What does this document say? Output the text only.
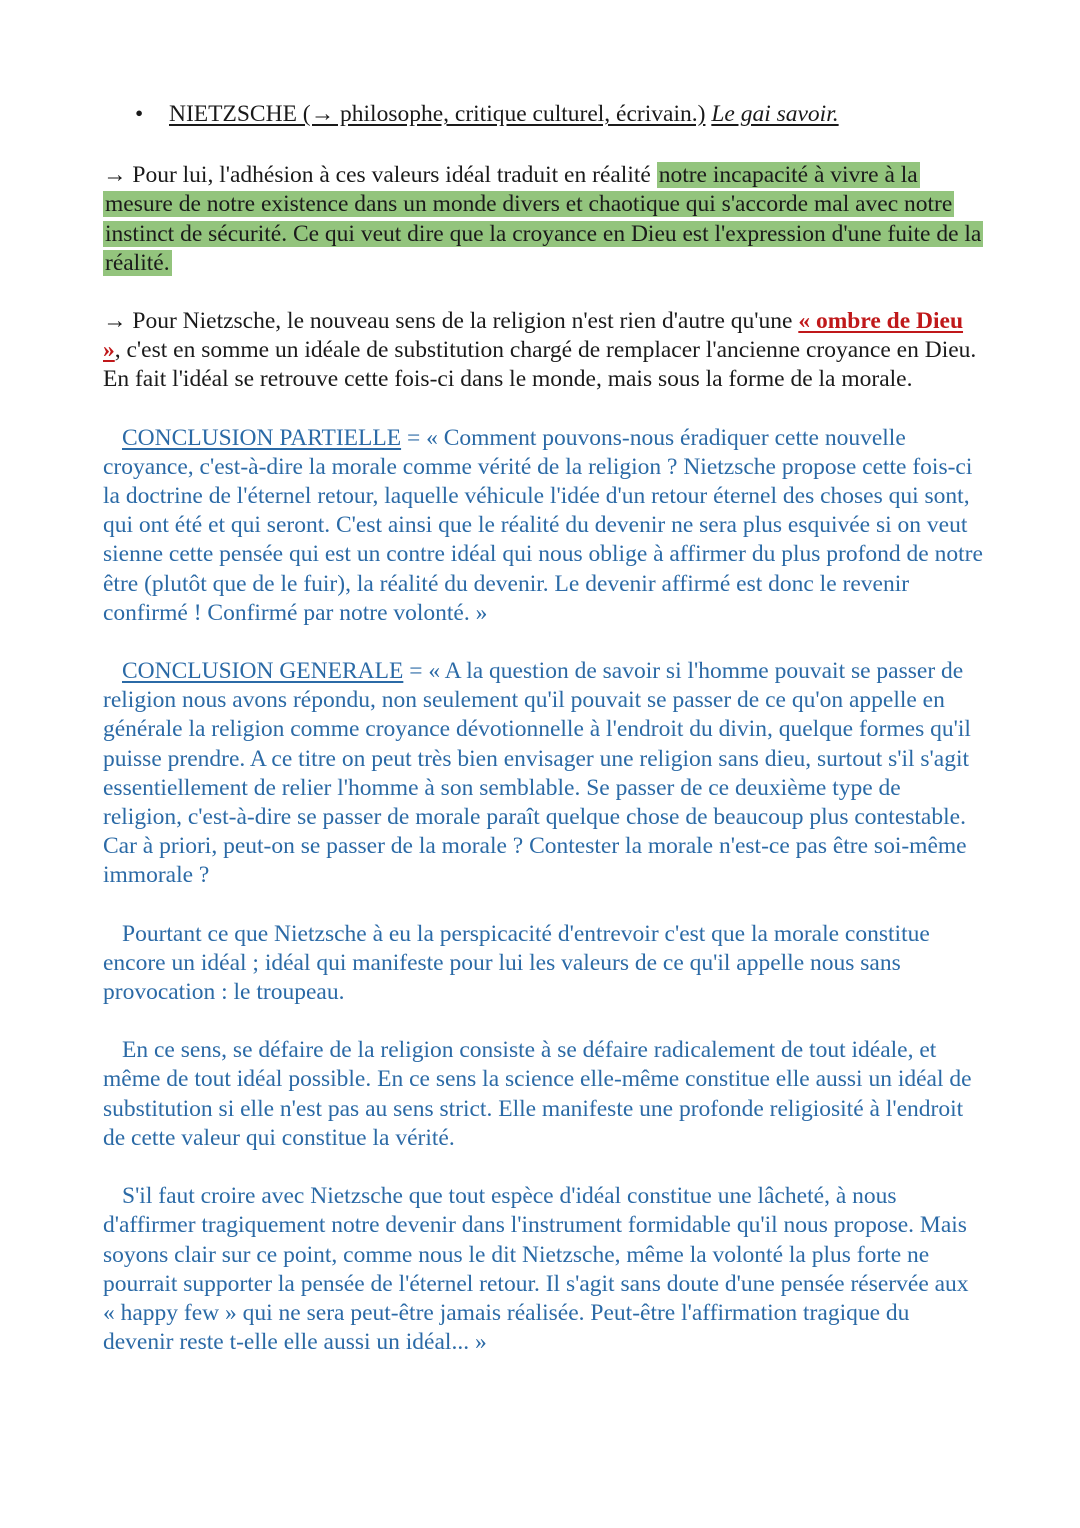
• NIETZSCHE (→ philosophe, critique culturel, écrivain.) Le gai savoir.

→ Pour lui, l'adhésion à ces valeurs idéal traduit en réalité notre incapacité à vivre à la mesure de notre existence dans un monde divers et chaotique qui s'accorde mal avec notre instinct de sécurité. Ce qui veut dire que la croyance en Dieu est l'expression d'une fuite de la réalité.

→ Pour Nietzsche, le nouveau sens de la religion n'est rien d'autre qu'une « ombre de Dieu », c'est en somme un idéale de substitution chargé de remplacer l'ancienne croyance en Dieu. En fait l'idéal se retrouve cette fois-ci dans le monde, mais sous la forme de la morale.

CONCLUSION PARTIELLE = « Comment pouvons-nous éradiquer cette nouvelle croyance, c'est-à-dire la morale comme vérité de la religion ? Nietzsche propose cette fois-ci la doctrine de l'éternel retour, laquelle véhicule l'idée d'un retour éternel des choses qui sont, qui ont été et qui seront. C'est ainsi que le réalité du devenir ne sera plus esquivée si on veut sienne cette pensée qui est un contre idéal qui nous oblige à affirmer du plus profond de notre être (plutôt que de le fuir), la réalité du devenir. Le devenir affirmé est donc le revenir confirmé ! Confirmé par notre volonté. »

CONCLUSION GENERALE = « A la question de savoir si l'homme pouvait se passer de religion nous avons répondu, non seulement qu'il pouvait se passer de ce qu'on appelle en générale la religion comme croyance dévotionnelle à l'endroit du divin, quelque formes qu'il puisse prendre. A ce titre on peut très bien envisager une religion sans dieu, surtout s'il s'agit essentiellement de relier l'homme à son semblable. Se passer de ce deuxième type de religion, c'est-à-dire se passer de morale paraît quelque chose de beaucoup plus contestable. Car à priori, peut-on se passer de la morale ? Contester la morale n'est-ce pas être soi-même immorale ?

Pourtant ce que Nietzsche à eu la perspicacité d'entrevoir c'est que la morale constitue encore un idéal ; idéal qui manifeste pour lui les valeurs de ce qu'il appelle nous sans provocation : le troupeau.

En ce sens, se défaire de la religion consiste à se défaire radicalement de tout idéale, et même de tout idéal possible. En ce sens la science elle-même constitue elle aussi un idéal de substitution si elle n'est pas au sens strict. Elle manifeste une profonde religiosité à l'endroit de cette valeur qui constitue la vérité.

S'il faut croire avec Nietzsche que tout espèce d'idéal constitue une lâcheté, à nous d'affirmer tragiquement notre devenir dans l'instrument formidable qu'il nous propose. Mais soyons clair sur ce point, comme nous le dit Nietzsche, même la volonté la plus forte ne pourrait supporter la pensée de l'éternel retour. Il s'agit sans doute d'une pensée réservée aux « happy few » qui ne sera peut-être jamais réalisée. Peut-être l'affirmation tragique du devenir reste t-elle elle aussi un idéal... »
